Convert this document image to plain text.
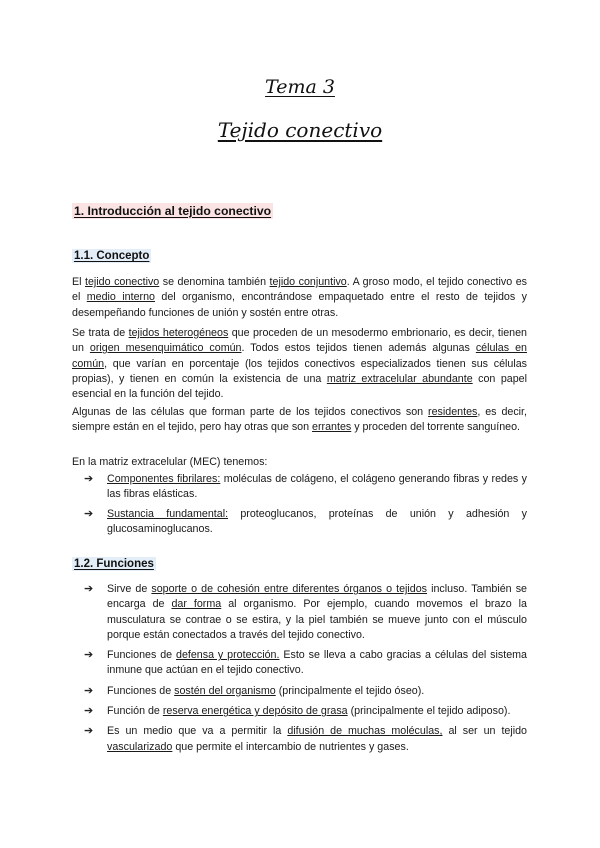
Tema 3
Tejido conectivo
1. Introducción al tejido conectivo
1.1. Concepto

El tejido conectivo se denomina también tejido conjuntivo. A groso modo, el tejido conectivo es el medio interno del organismo, encontrándose empaquetado entre el resto de tejidos y desempeñando funciones de unión y sostén entre otras.

Se trata de tejidos heterogéneos que proceden de un mesodermo embrionario, es decir, tienen un origen mesenquimático común. Todos estos tejidos tienen además algunas células en común, que varían en porcentaje (los tejidos conectivos especializados tienen sus células propias), y tienen en común la existencia de una matriz extracelular abundante con papel esencial en la función del tejido.

Algunas de las células que forman parte de los tejidos conectivos son residentes, es decir, siempre están en el tejido, pero hay otras que son errantes y proceden del torrente sanguíneo.

En la matriz extracelular (MEC) tenemos:

➔ Componentes fibrilares: moléculas de colágeno, el colágeno generando fibras y redes y las fibras elásticas.
➔ Sustancia fundamental: proteoglucanos, proteínas de unión y adhesión y glucosaminoglucanos.
1.2. Funciones
➔ Sirve de soporte o de cohesión entre diferentes órganos o tejidos incluso. También se encarga de dar forma al organismo. Por ejemplo, cuando movemos el brazo la musculatura se contrae o se estira, y la piel también se mueve junto con el músculo porque están conectados a través del tejido conectivo.
➔ Funciones de defensa y protección. Esto se lleva a cabo gracias a células del sistema inmune que actúan en el tejido conectivo.
➔ Funciones de sostén del organismo (principalmente el tejido óseo).
➔ Función de reserva energética y depósito de grasa (principalmente el tejido adiposo).
➔ Es un medio que va a permitir la difusión de muchas moléculas, al ser un tejido vascularizado que permite el intercambio de nutrientes y gases.
